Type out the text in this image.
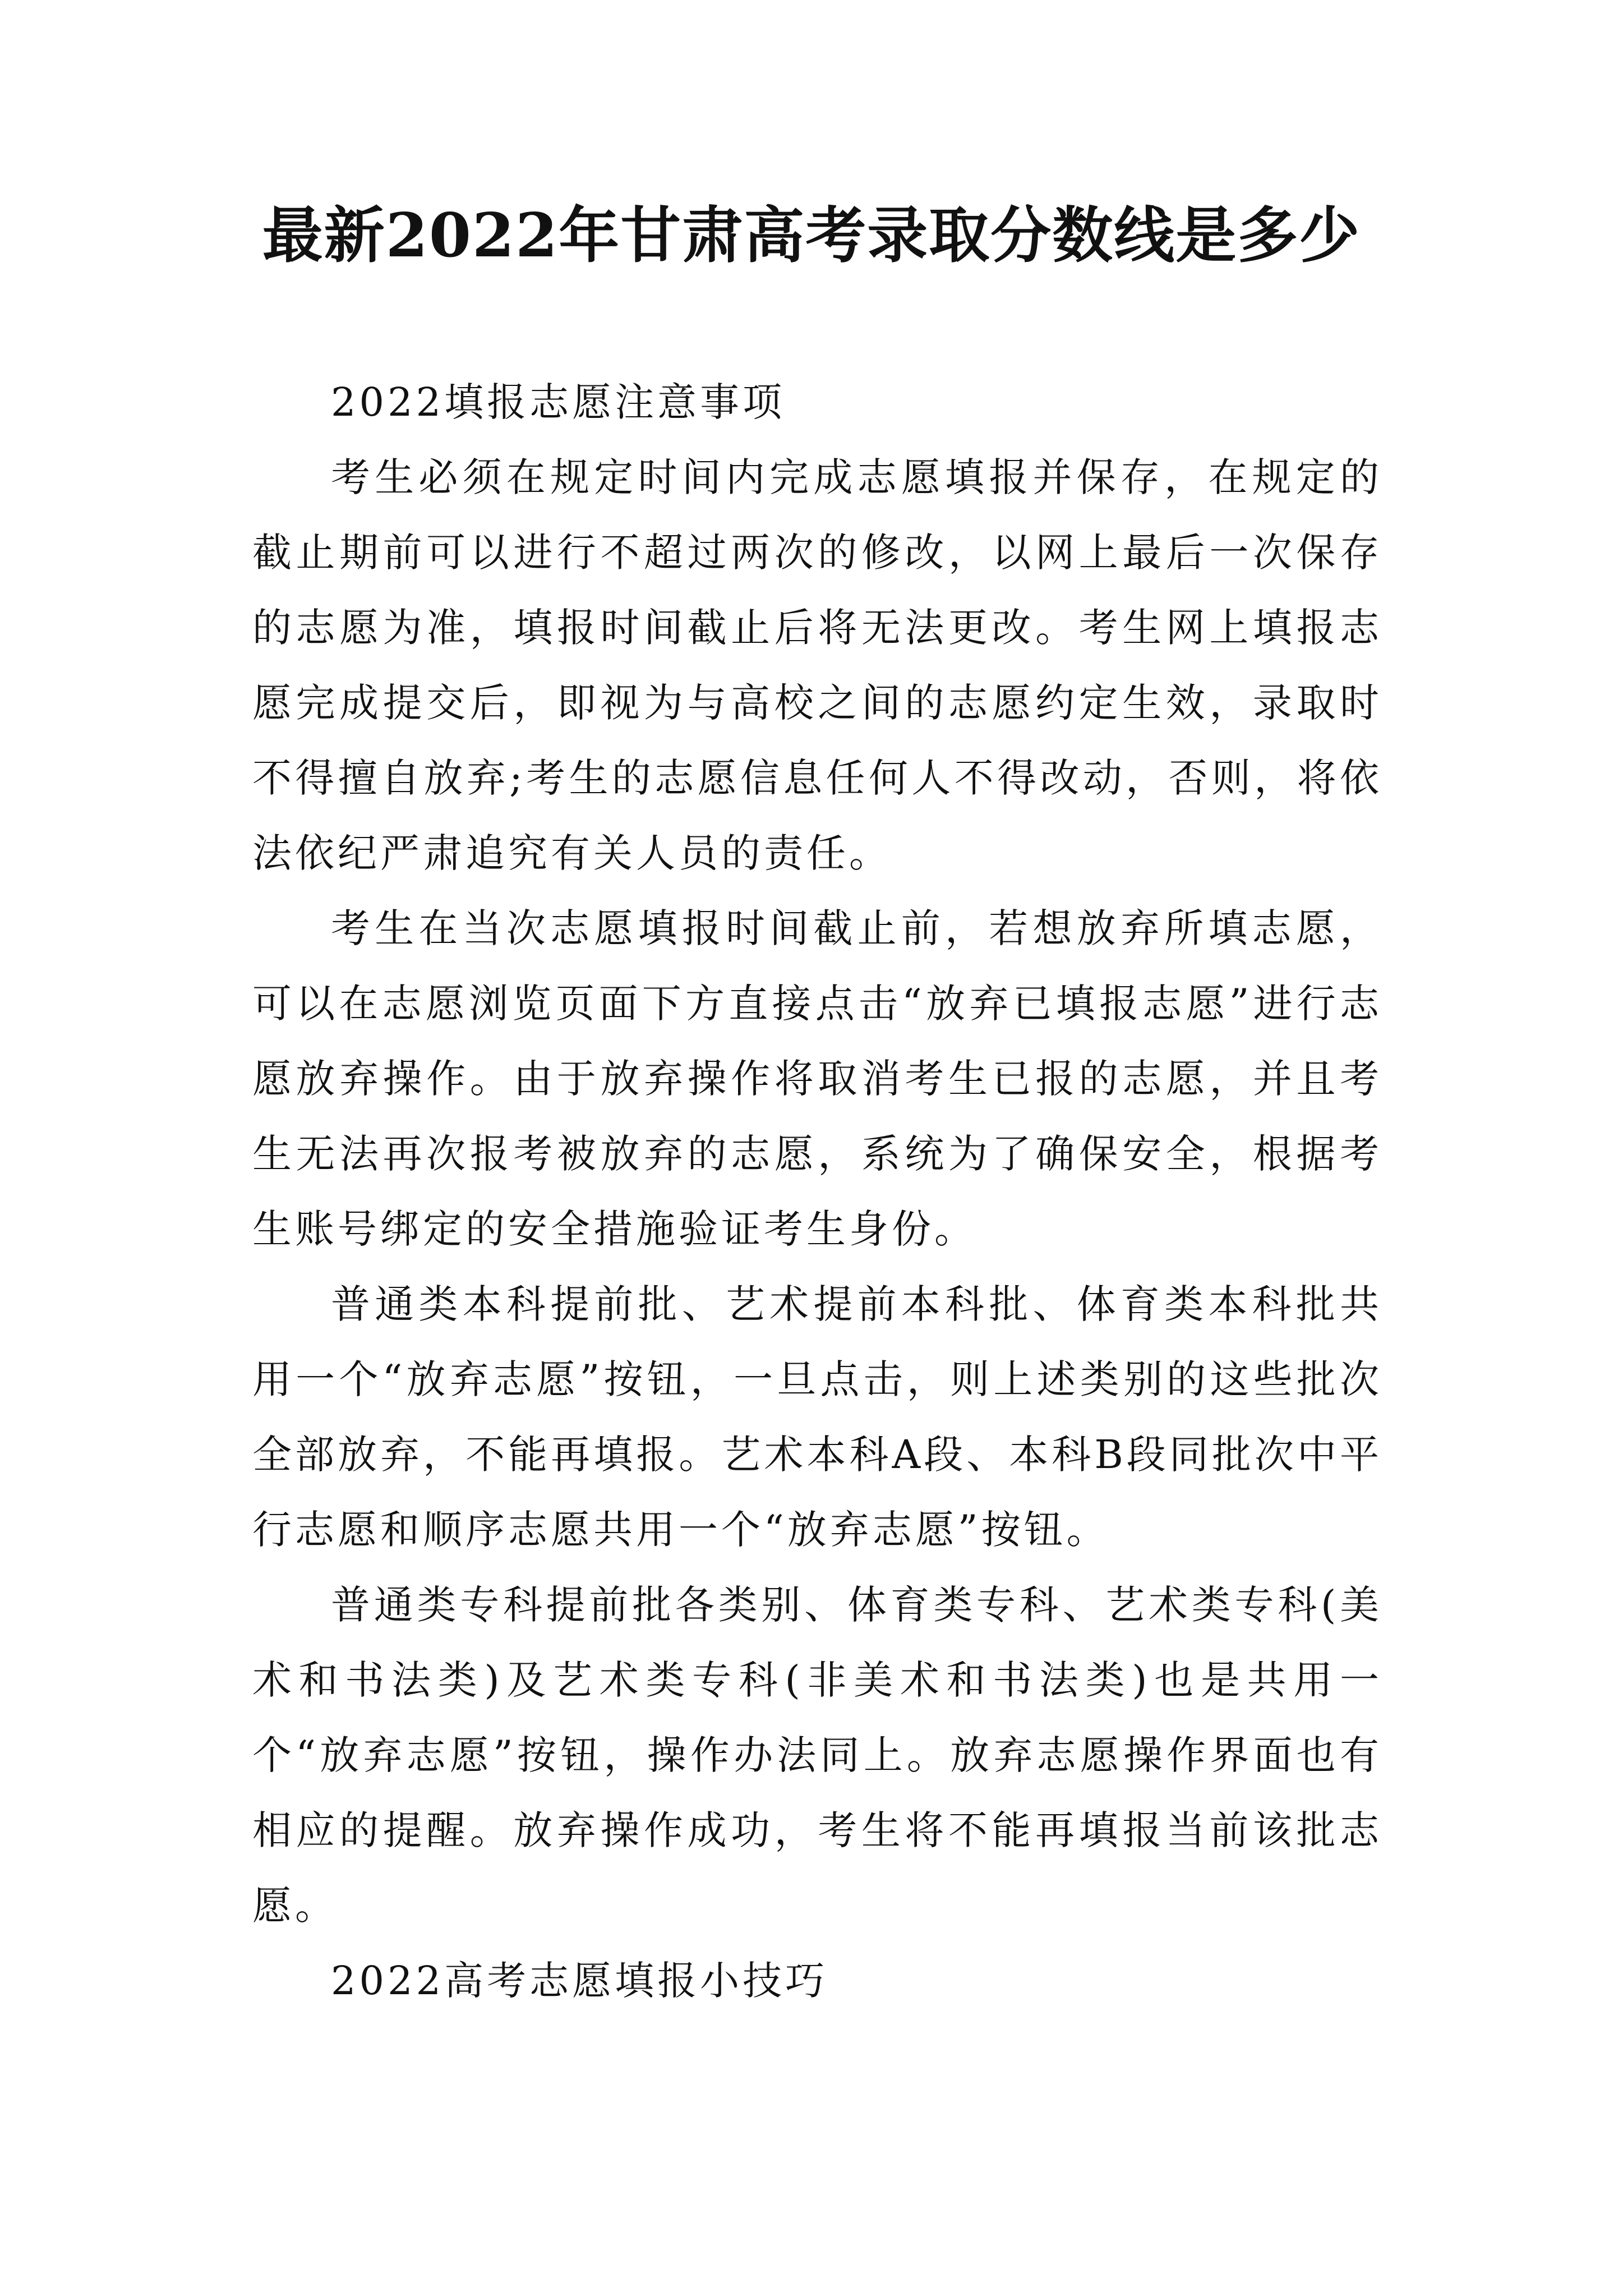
最新2022年甘肃高考录取分数线是多少

2022填报志愿注意事项

考生必须在规定时间内完成志愿填报并保存，在规定的截止期前可以进行不超过两次的修改，以网上最后一次保存的志愿为准，填报时间截止后将无法更改。考生网上填报志愿完成提交后，即视为与高校之间的志愿约定生效，录取时不得擅自放弃;考生的志愿信息任何人不得改动，否则，将依法依纪严肃追究有关人员的责任。

考生在当次志愿填报时间截止前，若想放弃所填志愿，可以在志愿浏览页面下方直接点击“放弃已填报志愿”进行志愿放弃操作。由于放弃操作将取消考生已报的志愿，并且考生无法再次报考被放弃的志愿，系统为了确保安全，根据考生账号绑定的安全措施验证考生身份。

普通类本科提前批、艺术提前本科批、体育类本科批共用一个“放弃志愿”按钮，一旦点击，则上述类别的这些批次全部放弃，不能再填报。艺术本科A段、本科B段同批次中平行志愿和顺序志愿共用一个“放弃志愿”按钮。

普通类专科提前批各类别、体育类专科、艺术类专科(美术和书法类)及艺术类专科(非美术和书法类)也是共用一个“放弃志愿”按钮，操作办法同上。放弃志愿操作界面也有相应的提醒。放弃操作成功，考生将不能再填报当前该批志愿。

2022高考志愿填报小技巧
